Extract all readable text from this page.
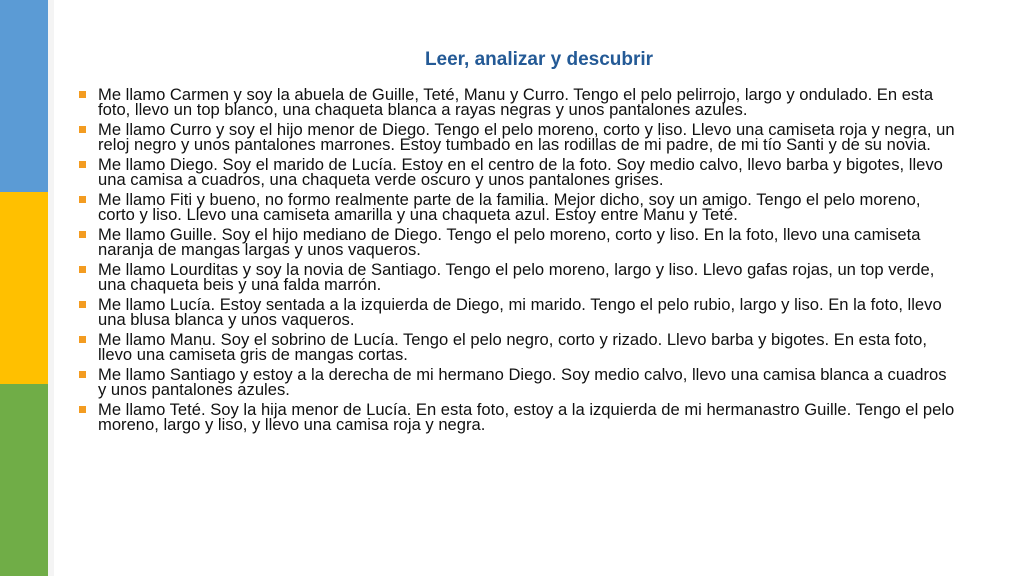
Leer, analizar y descubrir
Me llamo Carmen y soy la abuela de Guille, Teté, Manu y Curro. Tengo el pelo pelirrojo, largo y ondulado. En esta foto, llevo un top blanco, una chaqueta blanca a rayas negras y unos pantalones azules.
Me llamo Curro y soy el hijo menor de Diego. Tengo el pelo moreno, corto y liso. Llevo una camiseta roja y negra, un reloj negro y unos pantalones marrones. Estoy tumbado en las rodillas de mi padre, de mi tío Santi y de su novia.
Me llamo Diego. Soy el marido de Lucía. Estoy en el centro de la foto. Soy medio calvo, llevo barba y bigotes, llevo una camisa a cuadros, una chaqueta verde oscuro y unos pantalones grises.
Me llamo Fiti y bueno, no formo realmente parte de la familia. Mejor dicho, soy un amigo. Tengo el pelo moreno, corto y liso. Llevo una camiseta amarilla y una chaqueta azul. Estoy entre Manu y Teté.
Me llamo Guille. Soy el hijo mediano de Diego. Tengo el pelo moreno, corto y liso. En la foto, llevo una camiseta naranja de mangas largas y unos vaqueros.
Me llamo Lourditas y soy la novia de Santiago. Tengo el pelo moreno, largo y liso. Llevo gafas rojas, un top verde, una chaqueta beis y una falda marrón.
Me llamo Lucía. Estoy sentada a la izquierda de Diego, mi marido. Tengo el pelo rubio, largo y liso. En la foto, llevo una blusa blanca y unos vaqueros.
Me llamo Manu. Soy el sobrino de Lucía. Tengo el pelo negro, corto y rizado. Llevo barba y bigotes. En esta foto, llevo una camiseta gris de mangas cortas.
Me llamo Santiago y estoy a la derecha de mi hermano Diego. Soy medio calvo, llevo una camisa blanca a cuadros y unos pantalones azules.
Me llamo Teté. Soy la hija menor de Lucía. En esta foto, estoy a la izquierda de mi hermanastro Guille. Tengo el pelo moreno, largo y liso, y llevo una camisa roja y negra.
